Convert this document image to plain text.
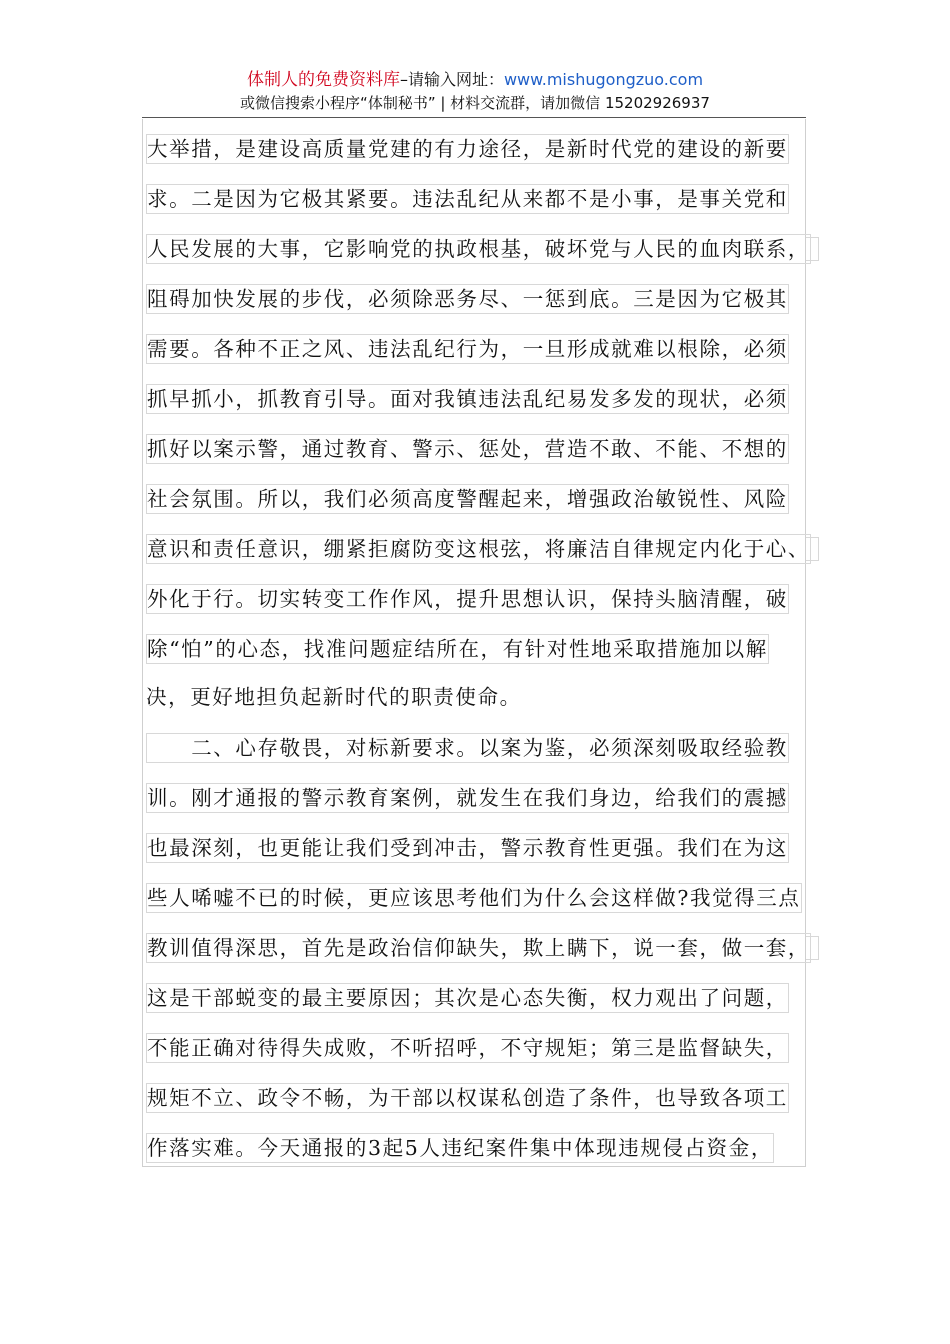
体制人的免费资料库–请输入网址：www.mishugongzuo.com
或微信搜索小程序“体制秘书” | 材料交流群，请加微信 15202926937
大举措，是建设高质量党建的有力途径，是新时代党的建设的新要
求。二是因为它极其紧要。违法乱纪从来都不是小事，是事关党和
人民发展的大事，它影响党的执政根基，破坏党与人民的血肉联系，
阻碍加快发展的步伐，必须除恶务尽、一惩到底。三是因为它极其
需要。各种不正之风、违法乱纪行为，一旦形成就难以根除，必须
抓早抓小，抓教育引导。面对我镇违法乱纪易发多发的现状，必须
抓好以案示警，通过教育、警示、惩处，营造不敢、不能、不想的
社会氛围。所以，我们必须高度警醒起来，增强政治敏锐性、风险
意识和责任意识，绷紧拒腐防变这根弦，将廉洁自律规定内化于心、
外化于行。切实转变工作作风，提升思想认识，保持头脑清醒，破
除“怕”的心态，找准问题症结所在，有针对性地采取措施加以解
决，更好地担负起新时代的职责使命。
　　二、心存敬畏，对标新要求。以案为鉴，必须深刻吸取经验教
训。刚才通报的警示教育案例，就发生在我们身边，给我们的震撼
也最深刻，也更能让我们受到冲击，警示教育性更强。我们在为这
些人唏嘘不已的时候，更应该思考他们为什么会这样做?我觉得三点
教训值得深思，首先是政治信仰缺失，欺上瞒下，说一套，做一套，
这是干部蜕变的最主要原因；其次是心态失衡，权力观出了问题，
不能正确对待得失成败，不听招呼，不守规矩；第三是监督缺失，
规矩不立、政令不畅，为干部以权谋私创造了条件，也导致各项工
作落实难。今天通报的3起5人违纪案件集中体现违规侵占资金，
